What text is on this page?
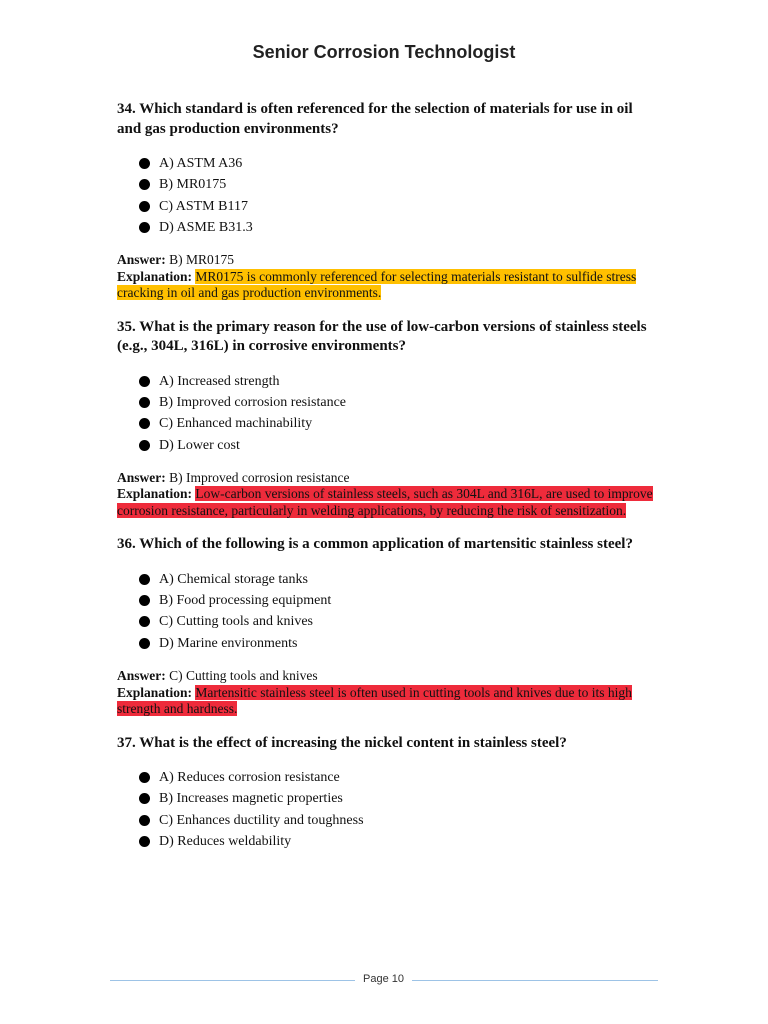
Senior Corrosion Technologist

34. Which standard is often referenced for the selection of materials for use in oil and gas production environments?

A) ASTM A36
B) MR0175
C) ASTM B117
D) ASME B31.3
Answer: B) MR0175
Explanation: MR0175 is commonly referenced for selecting materials resistant to sulfide stress cracking in oil and gas production environments.

35. What is the primary reason for the use of low-carbon versions of stainless steels (e.g., 304L, 316L) in corrosive environments?

A) Increased strength
B) Improved corrosion resistance
C) Enhanced machinability
D) Lower cost
Answer: B) Improved corrosion resistance
Explanation: Low-carbon versions of stainless steels, such as 304L and 316L, are used to improve corrosion resistance, particularly in welding applications, by reducing the risk of sensitization.

36. Which of the following is a common application of martensitic stainless steel?

A) Chemical storage tanks
B) Food processing equipment
C) Cutting tools and knives
D) Marine environments
Answer: C) Cutting tools and knives
Explanation: Martensitic stainless steel is often used in cutting tools and knives due to its high strength and hardness.

37. What is the effect of increasing the nickel content in stainless steel?

A) Reduces corrosion resistance
B) Increases magnetic properties
C) Enhances ductility and toughness
D) Reduces weldability
Page 10
